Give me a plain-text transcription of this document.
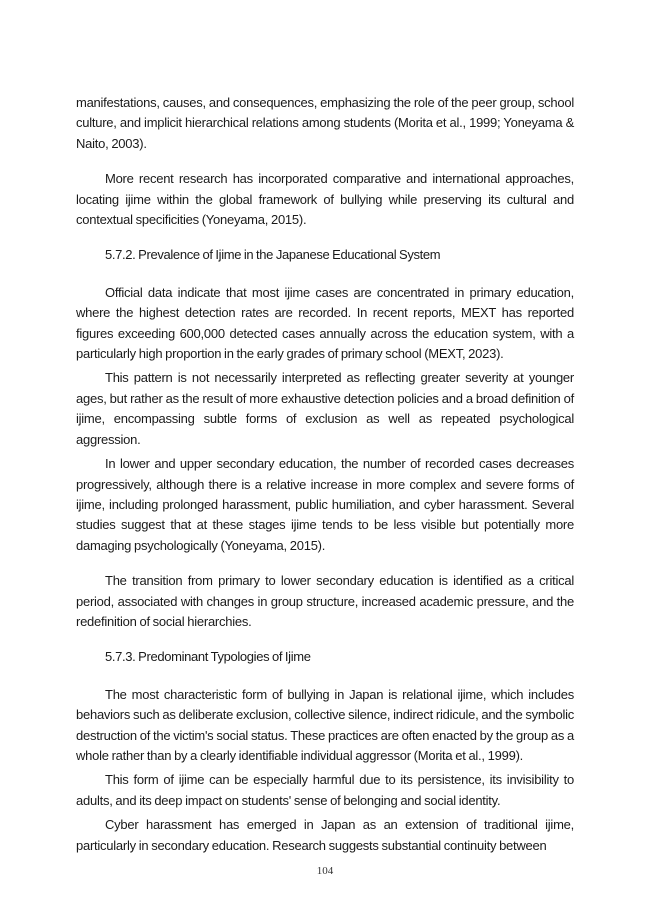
manifestations, causes, and consequences, emphasizing the role of the peer group, school culture, and implicit hierarchical relations among students (Morita et al., 1999; Yoneyama & Naito, 2003).

More recent research has incorporated comparative and international approaches, locating ijime within the global framework of bullying while preserving its cultural and contextual specificities (Yoneyama, 2015).

5.7.2. Prevalence of Ijime in the Japanese Educational System

Official data indicate that most ijime cases are concentrated in primary education, where the highest detection rates are recorded. In recent reports, MEXT has reported figures exceeding 600,000 detected cases annually across the education system, with a particularly high proportion in the early grades of primary school (MEXT, 2023).

This pattern is not necessarily interpreted as reflecting greater severity at younger ages, but rather as the result of more exhaustive detection policies and a broad definition of ijime, encompassing subtle forms of exclusion as well as repeated psychological aggression.

In lower and upper secondary education, the number of recorded cases decreases progressively, although there is a relative increase in more complex and severe forms of ijime, including prolonged harassment, public humiliation, and cyber harassment. Several studies suggest that at these stages ijime tends to be less visible but potentially more damaging psychologically (Yoneyama, 2015).

The transition from primary to lower secondary education is identified as a critical period, associated with changes in group structure, increased academic pressure, and the redefinition of social hierarchies.

5.7.3. Predominant Typologies of Ijime

The most characteristic form of bullying in Japan is relational ijime, which includes behaviors such as deliberate exclusion, collective silence, indirect ridicule, and the symbolic destruction of the victim's social status. These practices are often enacted by the group as a whole rather than by a clearly identifiable individual aggressor (Morita et al., 1999).

This form of ijime can be especially harmful due to its persistence, its invisibility to adults, and its deep impact on students' sense of belonging and social identity.

Cyber harassment has emerged in Japan as an extension of traditional ijime, particularly in secondary education. Research suggests substantial continuity between

104
